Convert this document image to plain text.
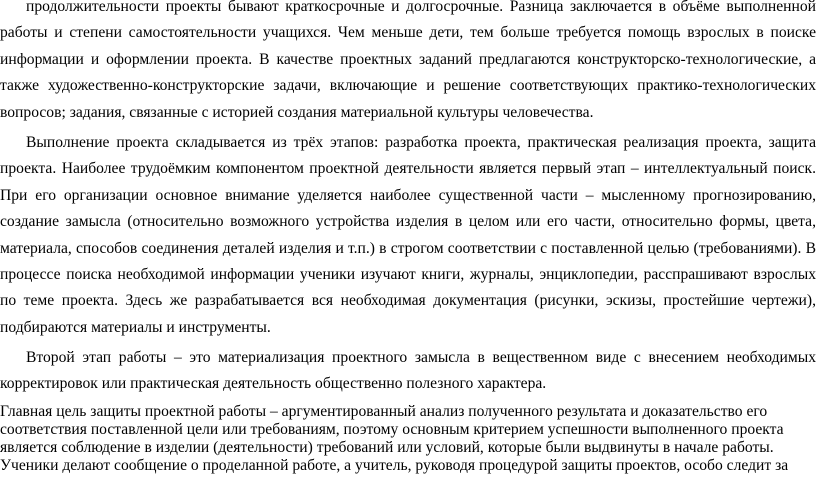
продолжительности проекты бывают краткосрочные и долгосрочные. Разница заключается в объёме выполненной работы и степени самостоятельности учащихся. Чем меньше дети, тем больше требуется помощь взрослых в поиске информации и оформлении проекта. В качестве проектных заданий предлагаются конструкторско-технологические, а также художественно-конструкторские задачи, включающие и решение соответствующих практико-технологических вопросов; задания, связанные с историей создания материальной культуры человечества.

Выполнение проекта складывается из трёх этапов: разработка проекта, практическая реализация проекта, защита проекта. Наиболее трудоёмким компонентом проектной деятельности является первый этап – интеллектуальный поиск. При его организации основное внимание уделяется наиболее существенной части – мысленному прогнозированию, создание замысла (относительно возможного устройства изделия в целом или его части, относительно формы, цвета, материала, способов соединения деталей изделия и т.п.) в строгом соответствии с поставленной целью (требованиями). В процессе поиска необходимой информации ученики изучают книги, журналы, энциклопедии, расспрашивают взрослых по теме проекта. Здесь же разрабатывается вся необходимая документация (рисунки, эскизы, простейшие чертежи), подбираются материалы и инструменты.

Второй этап работы – это материализация проектного замысла в вещественном виде с внесением необходимых корректировок или практическая деятельность общественно полезного характера.

Главная цель защиты проектной работы – аргументированный анализ полученного результата и доказательство его соответствия поставленной цели или требованиям, поэтому основным критерием успешности выполненного проекта является соблюдение в изделии (деятельности) требований или условий, которые были выдвинуты в начале работы. Ученики делают сообщение о проделанной работе, а учитель, руководя процедурой защиты проектов, особо следит за
